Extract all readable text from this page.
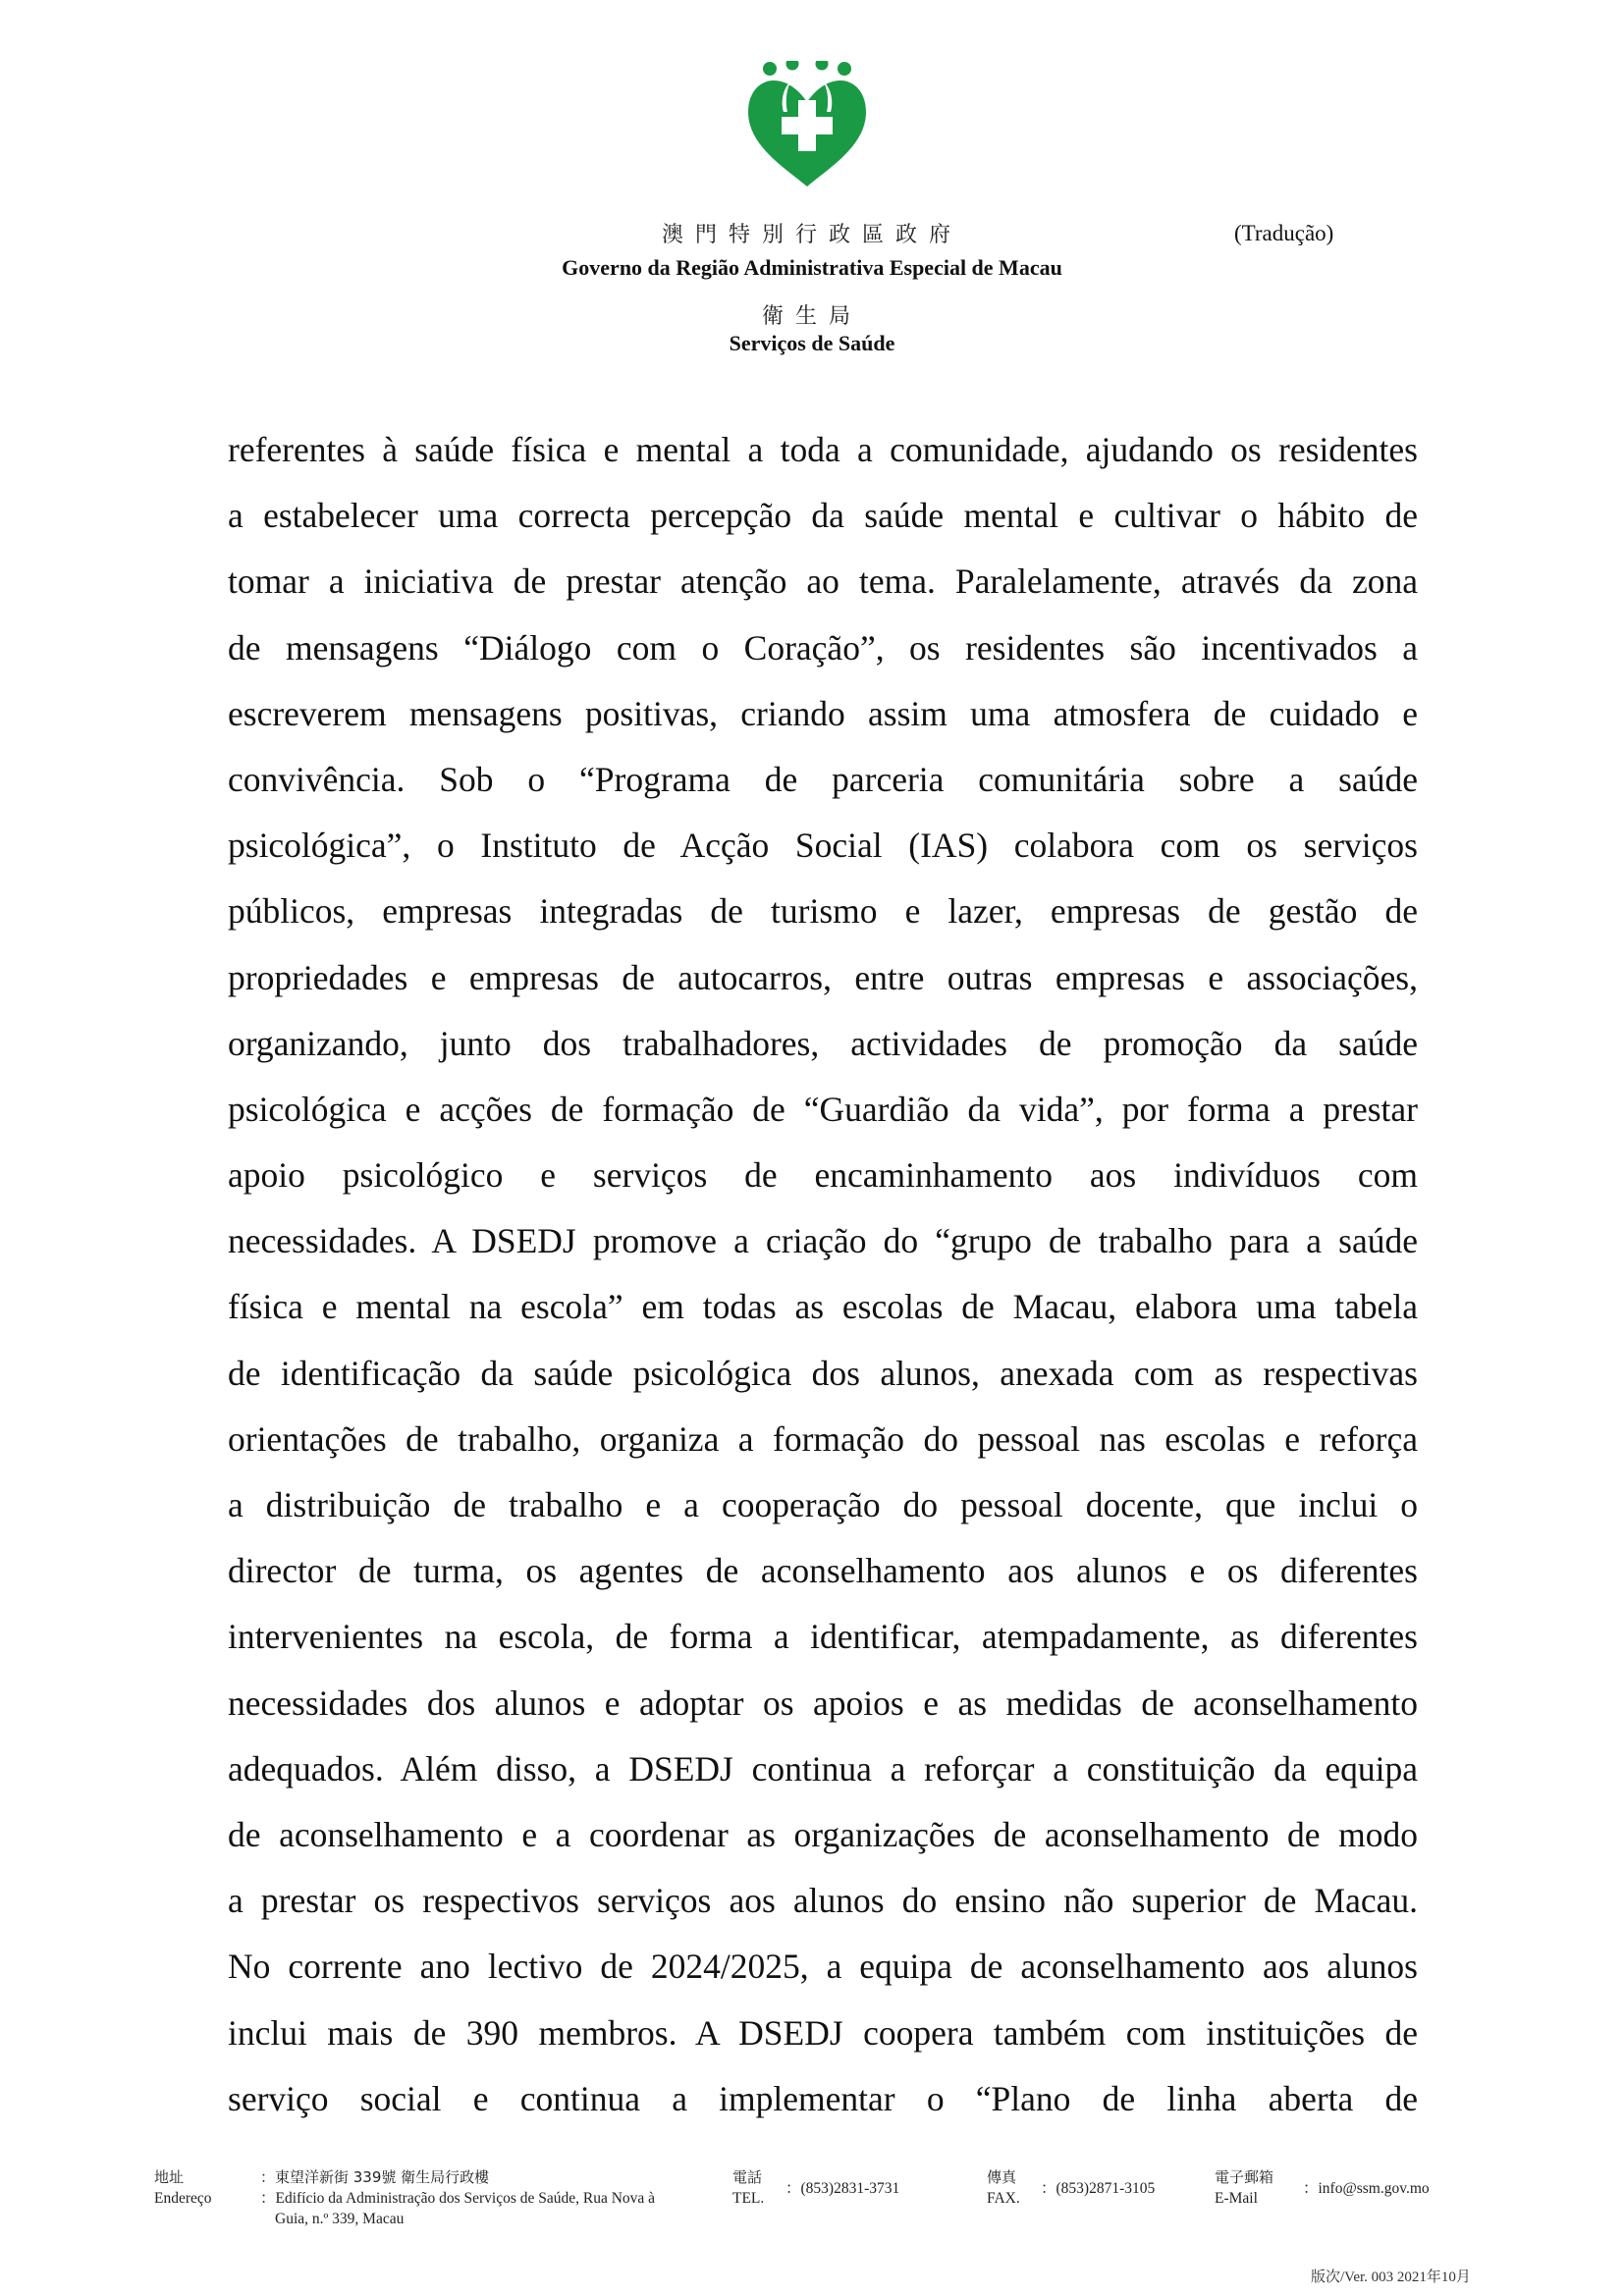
澳門特別行政區政府
Governo da Região Administrativa Especial de Macau
衛生局
Serviços de Saúde
(Tradução)
referentes à saúde física e mental a toda a comunidade, ajudando os residentes
a estabelecer uma correcta percepção da saúde mental e cultivar o hábito de
tomar a iniciativa de prestar atenção ao tema. Paralelamente, através da zona
de mensagens “Diálogo com o Coração”, os residentes são incentivados a
escreverem mensagens positivas, criando assim uma atmosfera de cuidado e
convivência. Sob o “Programa de parceria comunitária sobre a saúde
psicológica”, o Instituto de Acção Social (IAS) colabora com os serviços
públicos, empresas integradas de turismo e lazer, empresas de gestão de
propriedades e empresas de autocarros, entre outras empresas e associações,
organizando, junto dos trabalhadores, actividades de promoção da saúde
psicológica e acções de formação de “Guardião da vida”, por forma a prestar
apoio psicológico e serviços de encaminhamento aos indivíduos com
necessidades. A DSEDJ promove a criação do “grupo de trabalho para a saúde
física e mental na escola” em todas as escolas de Macau, elabora uma tabela
de identificação da saúde psicológica dos alunos, anexada com as respectivas
orientações de trabalho, organiza a formação do pessoal nas escolas e reforça
a distribuição de trabalho e a cooperação do pessoal docente, que inclui o
director de turma, os agentes de aconselhamento aos alunos e os diferentes
intervenientes na escola, de forma a identificar, atempadamente, as diferentes
necessidades dos alunos e adoptar os apoios e as medidas de aconselhamento
adequados. Além disso, a DSEDJ continua a reforçar a constituição da equipa
de aconselhamento e a coordenar as organizações de aconselhamento de modo
a prestar os respectivos serviços aos alunos do ensino não superior de Macau.
No corrente ano lectivo de 2024/2025, a equipa de aconselhamento aos alunos
inclui mais de 390 membros. A DSEDJ coopera também com instituições de
serviço social e continua a implementar o “Plano de linha aberta de
地址
Endereço
：東望洋新街 339號 衛生局行政樓
：Edifício da Administração dos Serviços de Saúde, Rua Nova à
Guia, n.º 339, Macau
電話
TEL.
：(853)2831-3731
傳真
FAX.
：(853)2871-3105
電子郵箱
E-Mail
：info@ssm.gov.mo
版次/Ver. 003 2021年10月
